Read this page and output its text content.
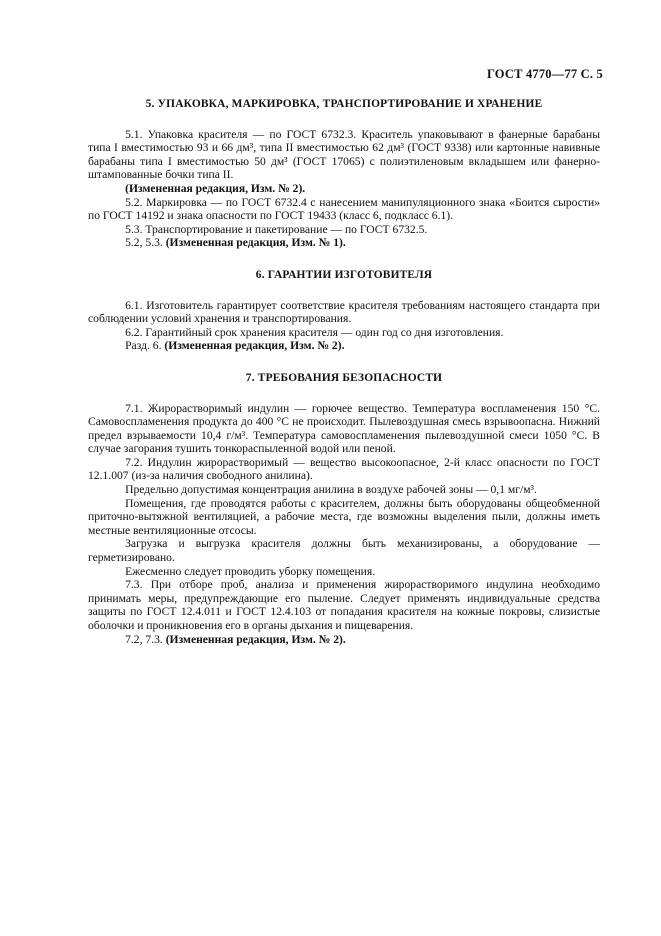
ГОСТ 4770—77 С. 5
5. УПАКОВКА, МАРКИРОВКА, ТРАНСПОРТИРОВАНИЕ И ХРАНЕНИЕ

5.1. Упаковка красителя — по ГОСТ 6732.3. Краситель упаковывают в фанерные барабаны типа I вместимостью 93 и 66 дм³, типа II вместимостью 62 дм³ (ГОСТ 9338) или картонные навивные барабаны типа I вместимостью 50 дм³ (ГОСТ 17065) с полиэтиленовым вкладышем или фанерно-штампованные бочки типа II.

(Измененная редакция, Изм. № 2).

5.2. Маркировка — по ГОСТ 6732.4 с нанесением манипуляционного знака «Боится сырости» по ГОСТ 14192 и знака опасности по ГОСТ 19433 (класс 6, подкласс 6.1).

5.3. Транспортирование и пакетирование — по ГОСТ 6732.5.

5.2, 5.3. (Измененная редакция, Изм. № 1).

6. ГАРАНТИИ ИЗГОТОВИТЕЛЯ

6.1. Изготовитель гарантирует соответствие красителя требованиям настоящего стандарта при соблюдении условий хранения и транспортирования.

6.2. Гарантийный срок хранения красителя — один год со дня изготовления.

Разд. 6. (Измененная редакция, Изм. № 2).

7. ТРЕБОВАНИЯ БЕЗОПАСНОСТИ

7.1. Жирорастворимый индулин — горючее вещество. Температура воспламенения 150 °С. Самовоспламенения продукта до 400 °С не происходит. Пылевоздушная смесь взрывоопасна. Нижний предел взрываемости 10,4 г/м³. Температура самовоспламенения пылевоздушной смеси 1050 °С. В случае загорания тушить тонкораспыленной водой или пеной.

7.2. Индулин жирорастворимый — вещество высокоопасное, 2-й класс опасности по ГОСТ 12.1.007 (из-за наличия свободного анилина).

Предельно допустимая концентрация анилина в воздухе рабочей зоны — 0,1 мг/м³.

Помещения, где проводятся работы с красителем, должны быть оборудованы общеобменной приточно-вытяжной вентиляцией, а рабочие места, где возможны выделения пыли, должны иметь местные вентиляционные отсосы.

Загрузка и выгрузка красителя должны быть механизированы, а оборудование — герметизировано.

Ежесменно следует проводить уборку помещения.

7.3. При отборе проб, анализа и применения жирорастворимого индулина необходимо принимать меры, предупреждающие его пыление. Следует применять индивидуальные средства защиты по ГОСТ 12.4.011 и ГОСТ 12.4.103 от попадания красителя на кожные покровы, слизистые оболочки и проникновения его в органы дыхания и пищеварения.

7.2, 7.3. (Измененная редакция, Изм. № 2).
